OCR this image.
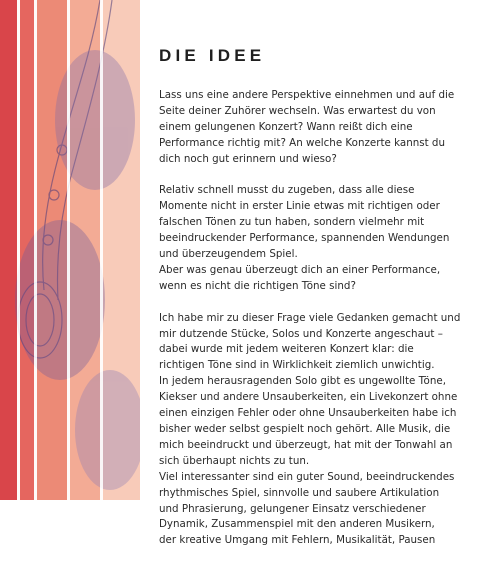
DIE IDEE

Lass uns eine andere Perspektive einnehmen und auf die
Seite deiner Zuhörer wechseln. Was erwartest du von
einem gelungenen Konzert? Wann reißt dich eine
Performance richtig mit? An welche Konzerte kannst du
dich noch gut erinnern und wieso?

Relativ schnell musst du zugeben, dass alle diese
Momente nicht in erster Linie etwas mit richtigen oder
falschen Tönen zu tun haben, sondern vielmehr mit
beeindruckender Performance, spannenden Wendungen
und überzeugendem Spiel.
Aber was genau überzeugt dich an einer Performance,
wenn es nicht die richtigen Töne sind?

Ich habe mir zu dieser Frage viele Gedanken gemacht und
mir dutzende Stücke, Solos und Konzerte angeschaut –
dabei wurde mit jedem weiteren Konzert klar: die
richtigen Töne sind in Wirklichkeit ziemlich unwichtig.
In jedem herausragenden Solo gibt es ungewollte Töne,
Kiekser und andere Unsauberkeiten, ein Livekonzert ohne
einen einzigen Fehler oder ohne Unsauberkeiten habe ich
bisher weder selbst gespielt noch gehört. Alle Musik, die
mich beeindruckt und überzeugt, hat mit der Tonwahl an
sich überhaupt nichts zu tun.
Viel interessanter sind ein guter Sound, beeindruckendes
rhythmisches Spiel, sinnvolle und saubere Artikulation
und Phrasierung, gelungener Einsatz verschiedener
Dynamik, Zusammenspiel mit den anderen Musikern,
der kreative Umgang mit Fehlern, Musikalität, Pausen
